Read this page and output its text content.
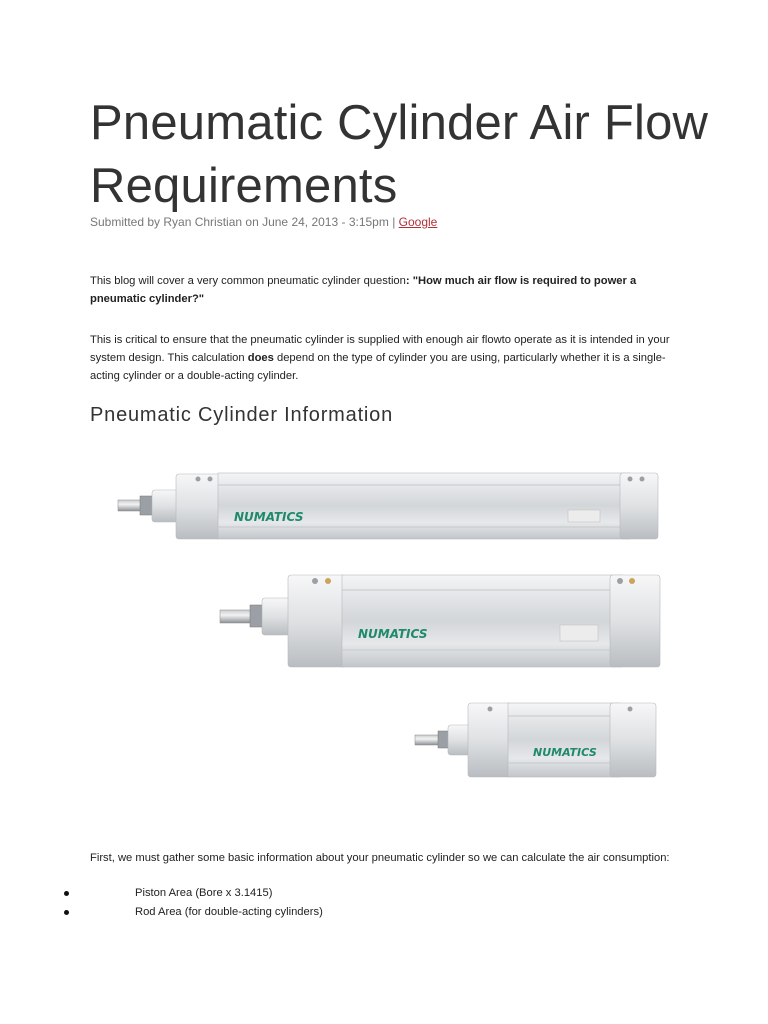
Pneumatic Cylinder Air Flow Requirements
Submitted by Ryan Christian on June 24, 2013 - 3:15pm | Google

This blog will cover a very common pneumatic cylinder question: "How much air flow is required to power a pneumatic cylinder?"

This is critical to ensure that the pneumatic cylinder is supplied with enough air flowto operate as it is intended in your system design. This calculation does depend on the type of cylinder you are using, particularly whether it is a single-acting cylinder or a double-acting cylinder.

Pneumatic Cylinder Information
NUMATICS
NUMATICS
NUMATICS

First, we must gather some basic information about your pneumatic cylinder so we can calculate the air consumption:

Piston Area (Bore x 3.1415)
Rod Area (for double-acting cylinders)
